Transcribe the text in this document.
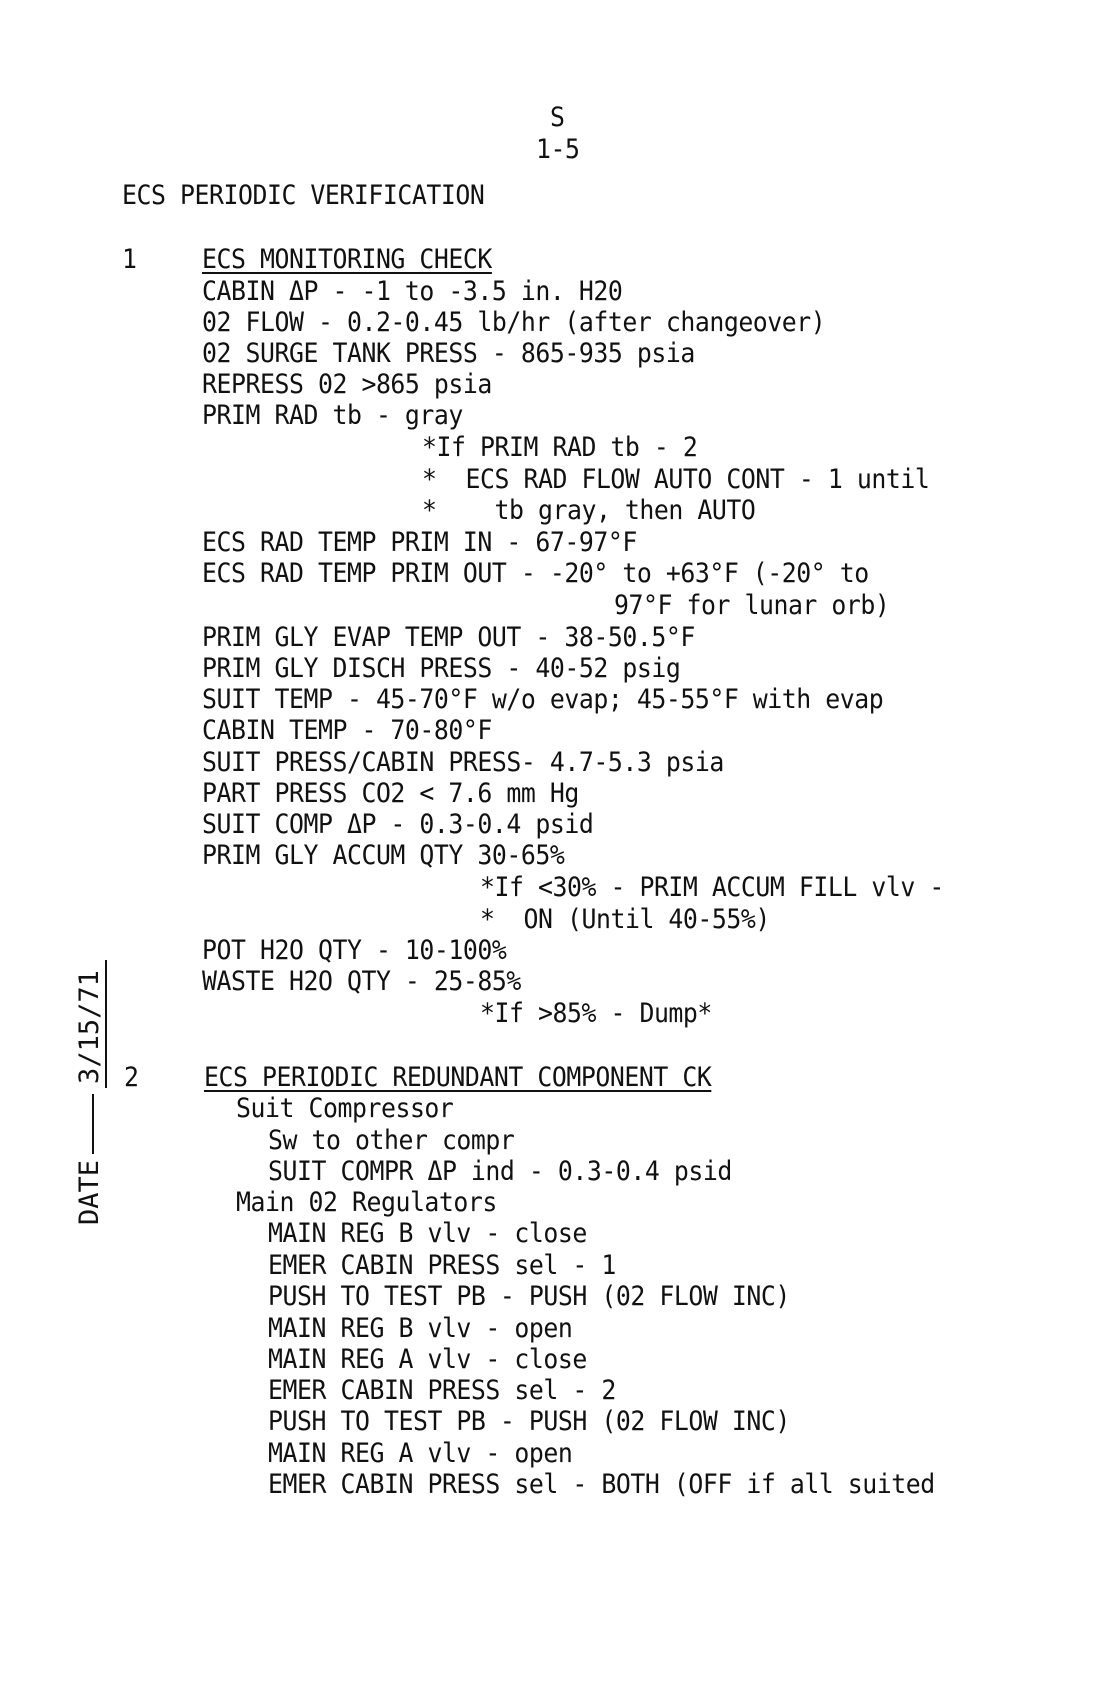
S
1-5
ECS PERIODIC VERIFICATION
1 ECS MONITORING CHECK
CABIN ΔP - -1 to -3.5 in. H20
02 FLOW - 0.2-0.45 lb/hr (after changeover)
02 SURGE TANK PRESS - 865-935 psia
REPRESS 02 >865 psia
PRIM RAD tb - gray
*If PRIM RAD tb - 2
*  ECS RAD FLOW AUTO CONT - 1 until
*    tb gray, then AUTO
ECS RAD TEMP PRIM IN - 67-97°F
ECS RAD TEMP PRIM OUT - -20° to +63°F (-20° to
97°F for lunar orb)
PRIM GLY EVAP TEMP OUT - 38-50.5°F
PRIM GLY DISCH PRESS - 40-52 psig
SUIT TEMP - 45-70°F w/o evap; 45-55°F with evap
CABIN TEMP - 70-80°F
SUIT PRESS/CABIN PRESS- 4.7-5.3 psia
PART PRESS CO2 < 7.6 mm Hg
SUIT COMP ΔP - 0.3-0.4 psid
PRIM GLY ACCUM QTY 30-65%
*If <30% - PRIM ACCUM FILL vlv -
*  ON (Until 40-55%)
POT H2O QTY - 10-100%
WASTE H2O QTY - 25-85%
*If >85% - Dump*
2 ECS PERIODIC REDUNDANT COMPONENT CK
Suit Compressor
Sw to other compr
SUIT COMPR ΔP ind - 0.3-0.4 psid
Main 02 Regulators
MAIN REG B vlv - close
EMER CABIN PRESS sel - 1
PUSH TO TEST PB - PUSH (02 FLOW INC)
MAIN REG B vlv - open
MAIN REG A vlv - close
EMER CABIN PRESS sel - 2
PUSH TO TEST PB - PUSH (02 FLOW INC)
MAIN REG A vlv - open
EMER CABIN PRESS sel - BOTH (OFF if all suited

DATE3/15/71
